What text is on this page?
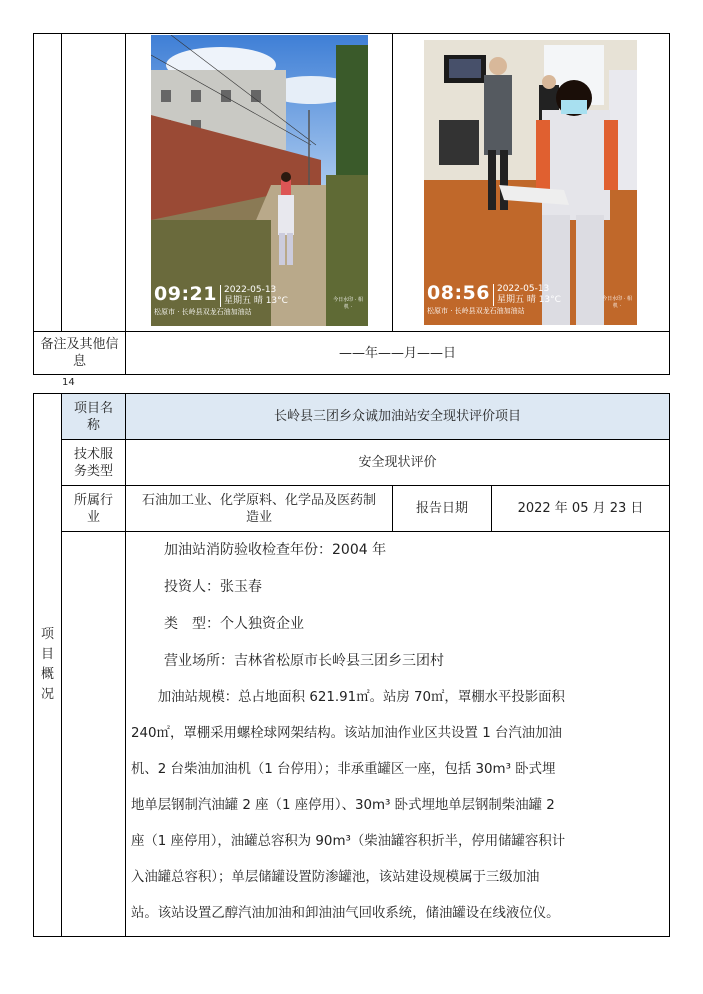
09:21 2022-05-13
星期五 晴 13°C
松原市 · 长岭县双龙石油加油站
今日水印 · 相机 ·
08:56 2022-05-13
星期五 晴 13°C
松原市 · 长岭县双龙石油加油站
今日水印 · 相机 ·
备注及其他信息
——年——月——日
14
项目名称
长岭县三团乡众诚加油站安全现状评价项目
技术服务类型
安全现状评价
所属行业
石油加工业、化学原料、化学品及医药制造业
报告日期	2022 年 05 月 23 日
项目概况

加油站消防验收检查年份：2004 年

投资人：张玉春

类　型：个人独资企业

营业场所：吉林省松原市长岭县三团乡三团村

　　加油站规模：总占地面积 621.91㎡。站房 70㎡，罩棚水平投影面积

240㎡，罩棚采用螺栓球网架结构。该站加油作业区共设置 1 台汽油加油

机、2 台柴油加油机（1 台停用）；非承重罐区一座，包括 30m³ 卧式埋

地单层钢制汽油罐 2 座（1 座停用）、30m³ 卧式埋地单层钢制柴油罐 2

座（1 座停用），油罐总容积为 90m³（柴油罐容积折半，停用储罐容积计

入油罐总容积）；单层储罐设置防渗罐池，该站建设规模属于三级加油

站。该站设置乙醇汽油加油和卸油油气回收系统，储油罐设在线液位仪。
